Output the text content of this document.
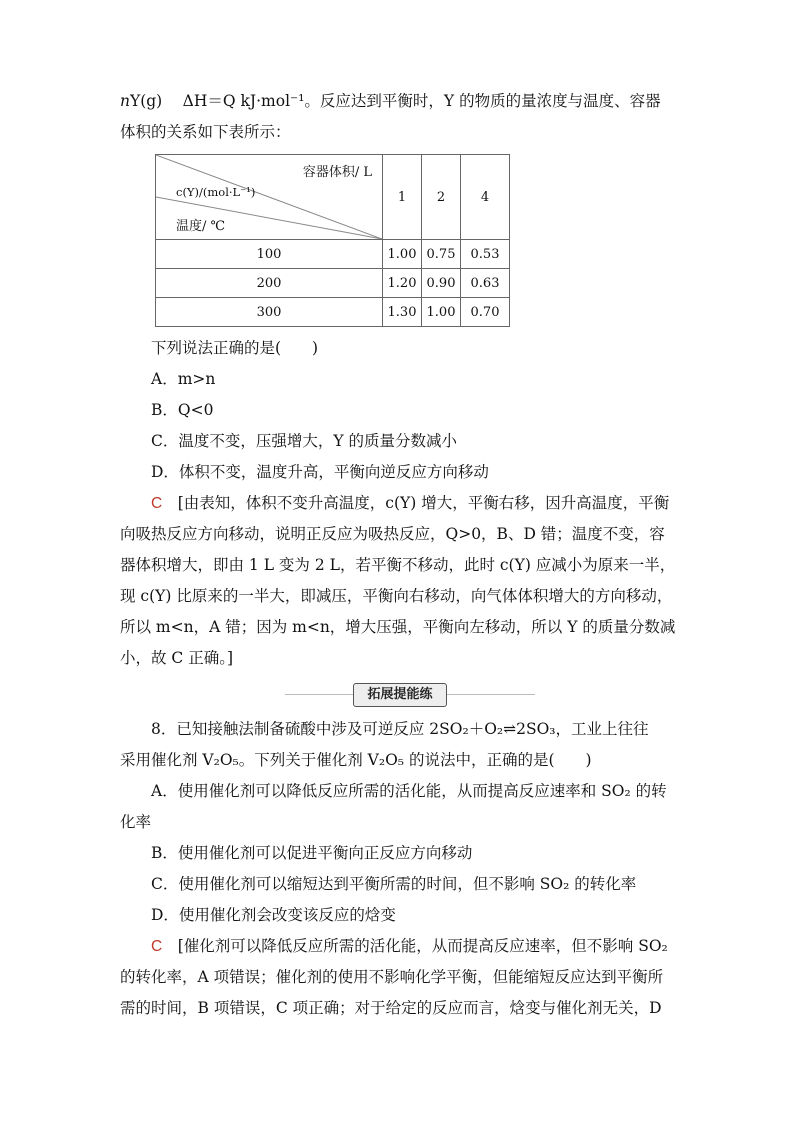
nY(g)　 ΔH＝Q kJ·mol⁻¹。反应达到平衡时，Y 的物质的量浓度与温度、容器
体积的关系如下表所示：
容器体积/ L
c(Y)/(mol·L⁻¹)
温度/ ℃	1	2	4
100	1.00	0.75	0.53
200	1.20	0.90	0.63
300	1.30	1.00	0.70
下列说法正确的是(　　)
A．m>n
B．Q<0
C．温度不变，压强增大，Y 的质量分数减小
D．体积不变，温度升高，平衡向逆反应方向移动
C　 [由表知，体积不变升高温度，c(Y) 增大，平衡右移，因升高温度，平衡
向吸热反应方向移动，说明正反应为吸热反应，Q>0，B、D 错；温度不变，容
器体积增大，即由 1 L 变为 2 L，若平衡不移动，此时 c(Y) 应减小为原来一半，
现 c(Y) 比原来的一半大，即减压，平衡向右移动，向气体体积增大的方向移动，
所以 m<n，A 错；因为 m<n，增大压强，平衡向左移动，所以 Y 的质量分数减
小，故 C 正确。]
拓展提能练
8．已知接触法制备硫酸中涉及可逆反应 2SO₂＋O₂⇌2SO₃，工业上往往
采用催化剂 V₂O₅。下列关于催化剂 V₂O₅ 的说法中，正确的是(　　)
A．使用催化剂可以降低反应所需的活化能，从而提高反应速率和 SO₂ 的转
化率
B．使用催化剂可以促进平衡向正反应方向移动
C．使用催化剂可以缩短达到平衡所需的时间，但不影响 SO₂ 的转化率
D．使用催化剂会改变该反应的焓变
C　 [催化剂可以降低反应所需的活化能，从而提高反应速率，但不影响 SO₂
的转化率，A 项错误；催化剂的使用不影响化学平衡，但能缩短反应达到平衡所
需的时间，B 项错误，C 项正确；对于给定的反应而言，焓变与催化剂无关，D
